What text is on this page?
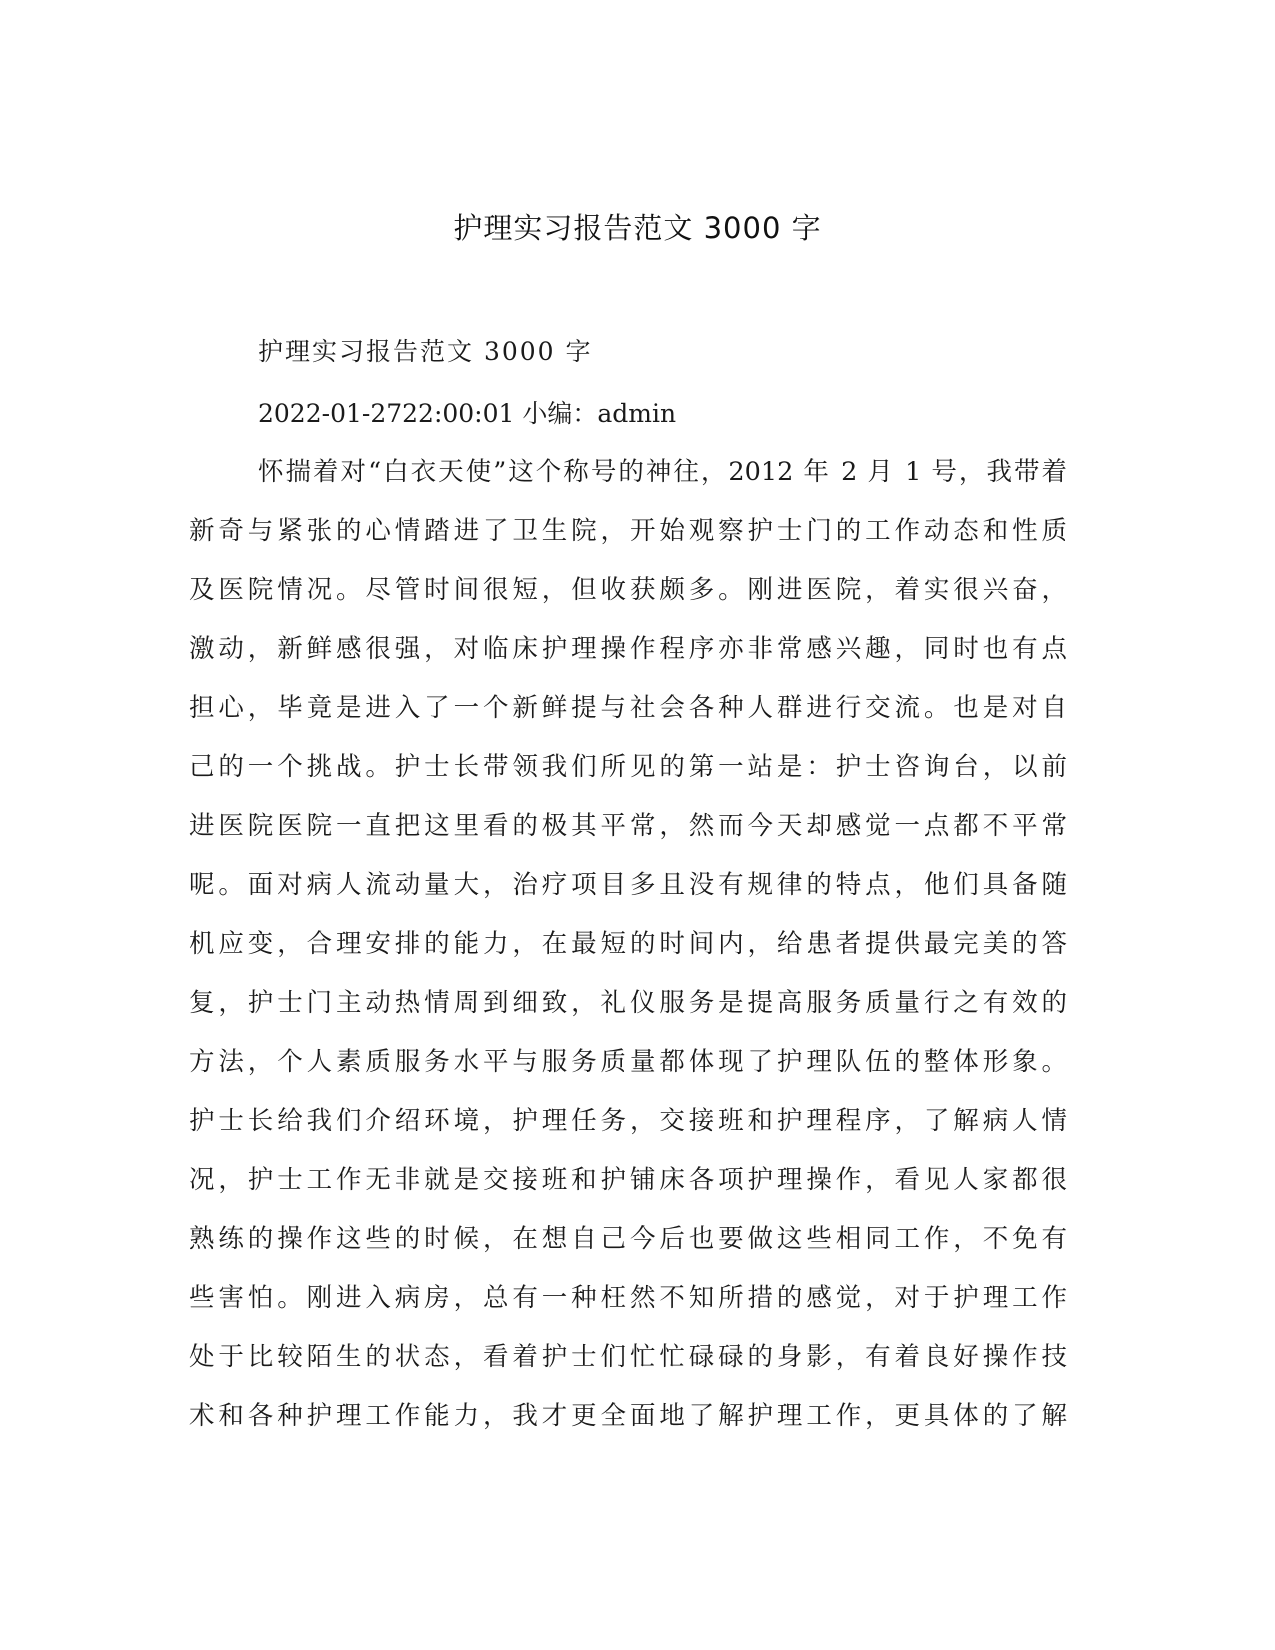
护理实习报告范文 3000 字
护理实习报告范文 3000 字
2022-01-2722:00:01 小编：admin
怀揣着对“白衣天使”这个称号的神往，2012 年 2 月 1 号，我带着
新奇与紧张的心情踏进了卫生院，开始观察护士门的工作动态和性质
及医院情况。尽管时间很短，但收获颇多。刚进医院，着实很兴奋，
激动，新鲜感很强，对临床护理操作程序亦非常感兴趣，同时也有点
担心，毕竟是进入了一个新鲜提与社会各种人群进行交流。也是对自
己的一个挑战。护士长带领我们所见的第一站是：护士咨询台，以前
进医院医院一直把这里看的极其平常，然而今天却感觉一点都不平常
呢。面对病人流动量大，治疗项目多且没有规律的特点，他们具备随
机应变，合理安排的能力，在最短的时间内，给患者提供最完美的答
复，护士门主动热情周到细致，礼仪服务是提高服务质量行之有效的
方法，个人素质服务水平与服务质量都体现了护理队伍的整体形象。
护士长给我们介绍环境，护理任务，交接班和护理程序，了解病人情
况，护士工作无非就是交接班和护铺床各项护理操作，看见人家都很
熟练的操作这些的时候，在想自己今后也要做这些相同工作，不免有
些害怕。刚进入病房，总有一种枉然不知所措的感觉，对于护理工作
处于比较陌生的状态，看着护士们忙忙碌碌的身影，有着良好操作技
术和各种护理工作能力，我才更全面地了解护理工作，更具体的了解
